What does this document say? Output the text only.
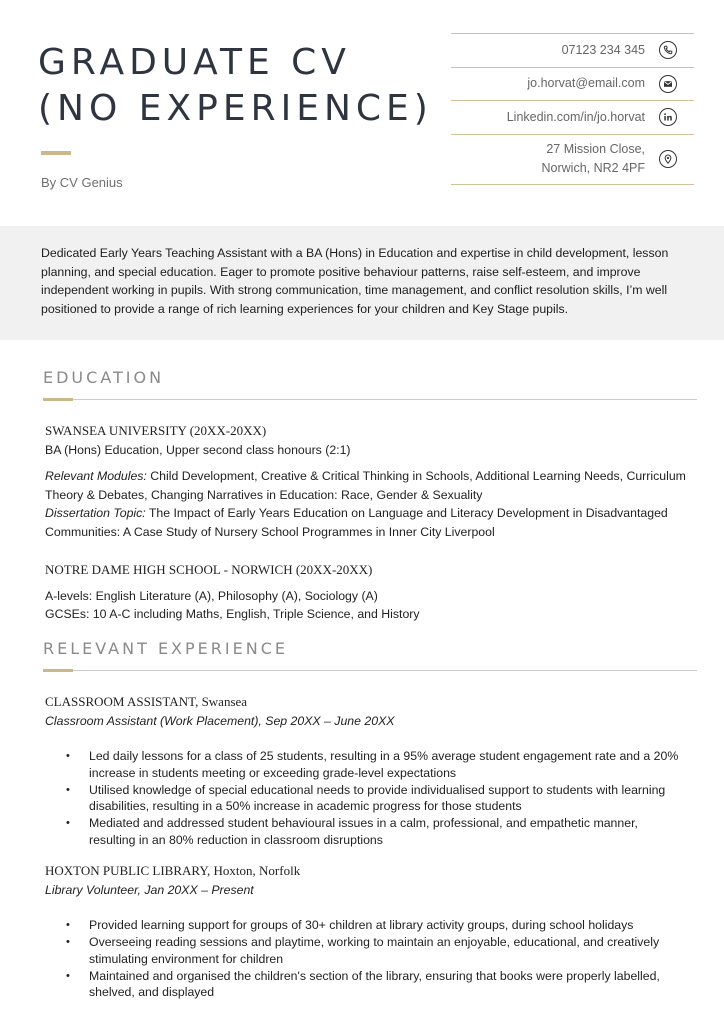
GRADUATE CV
(NO EXPERIENCE)
By CV Genius
07123 234 345
jo.horvat@email.com
Linkedin.com/in/jo.horvat
27 Mission Close,
Norwich, NR2 4PF

Dedicated Early Years Teaching Assistant with a BA (Hons) in Education and expertise in child development, lesson planning, and special education. Eager to promote positive behaviour patterns, raise self-esteem, and improve independent working in pupils. With strong communication, time management, and conflict resolution skills, I’m well positioned to provide a range of rich learning experiences for your children and Key Stage pupils.

EDUCATION
SWANSEA UNIVERSITY (20XX-20XX)
BA (Hons) Education, Upper second class honours (2:1)
Relevant Modules: Child Development, Creative & Critical Thinking in Schools, Additional Learning Needs, Curriculum Theory & Debates, Changing Narratives in Education: Race, Gender & Sexuality
Dissertation Topic: The Impact of Early Years Education on Language and Literacy Development in Disadvantaged Communities: A Case Study of Nursery School Programmes in Inner City Liverpool
NOTRE DAME HIGH SCHOOL - NORWICH (20XX-20XX)
A-levels: English Literature (A), Philosophy (A), Sociology (A)
GCSEs: 10 A-C including Maths, English, Triple Science, and History
RELEVANT EXPERIENCE
CLASSROOM ASSISTANT, Swansea
Classroom Assistant (Work Placement), Sep 20XX – June 20XX
• Led daily lessons for a class of 25 students, resulting in a 95% average student engagement rate and a 20% increase in students meeting or exceeding grade-level expectations
• Utilised knowledge of special educational needs to provide individualised support to students with learning disabilities, resulting in a 50% increase in academic progress for those students
• Mediated and addressed student behavioural issues in a calm, professional, and empathetic manner, resulting in an 80% reduction in classroom disruptions
HOXTON PUBLIC LIBRARY, Hoxton, Norfolk
Library Volunteer, Jan 20XX – Present
• Provided learning support for groups of 30+ children at library activity groups, during school holidays
• Overseeing reading sessions and playtime, working to maintain an enjoyable, educational, and creatively stimulating environment for children
• Maintained and organised the children's section of the library, ensuring that books were properly labelled, shelved, and displayed
